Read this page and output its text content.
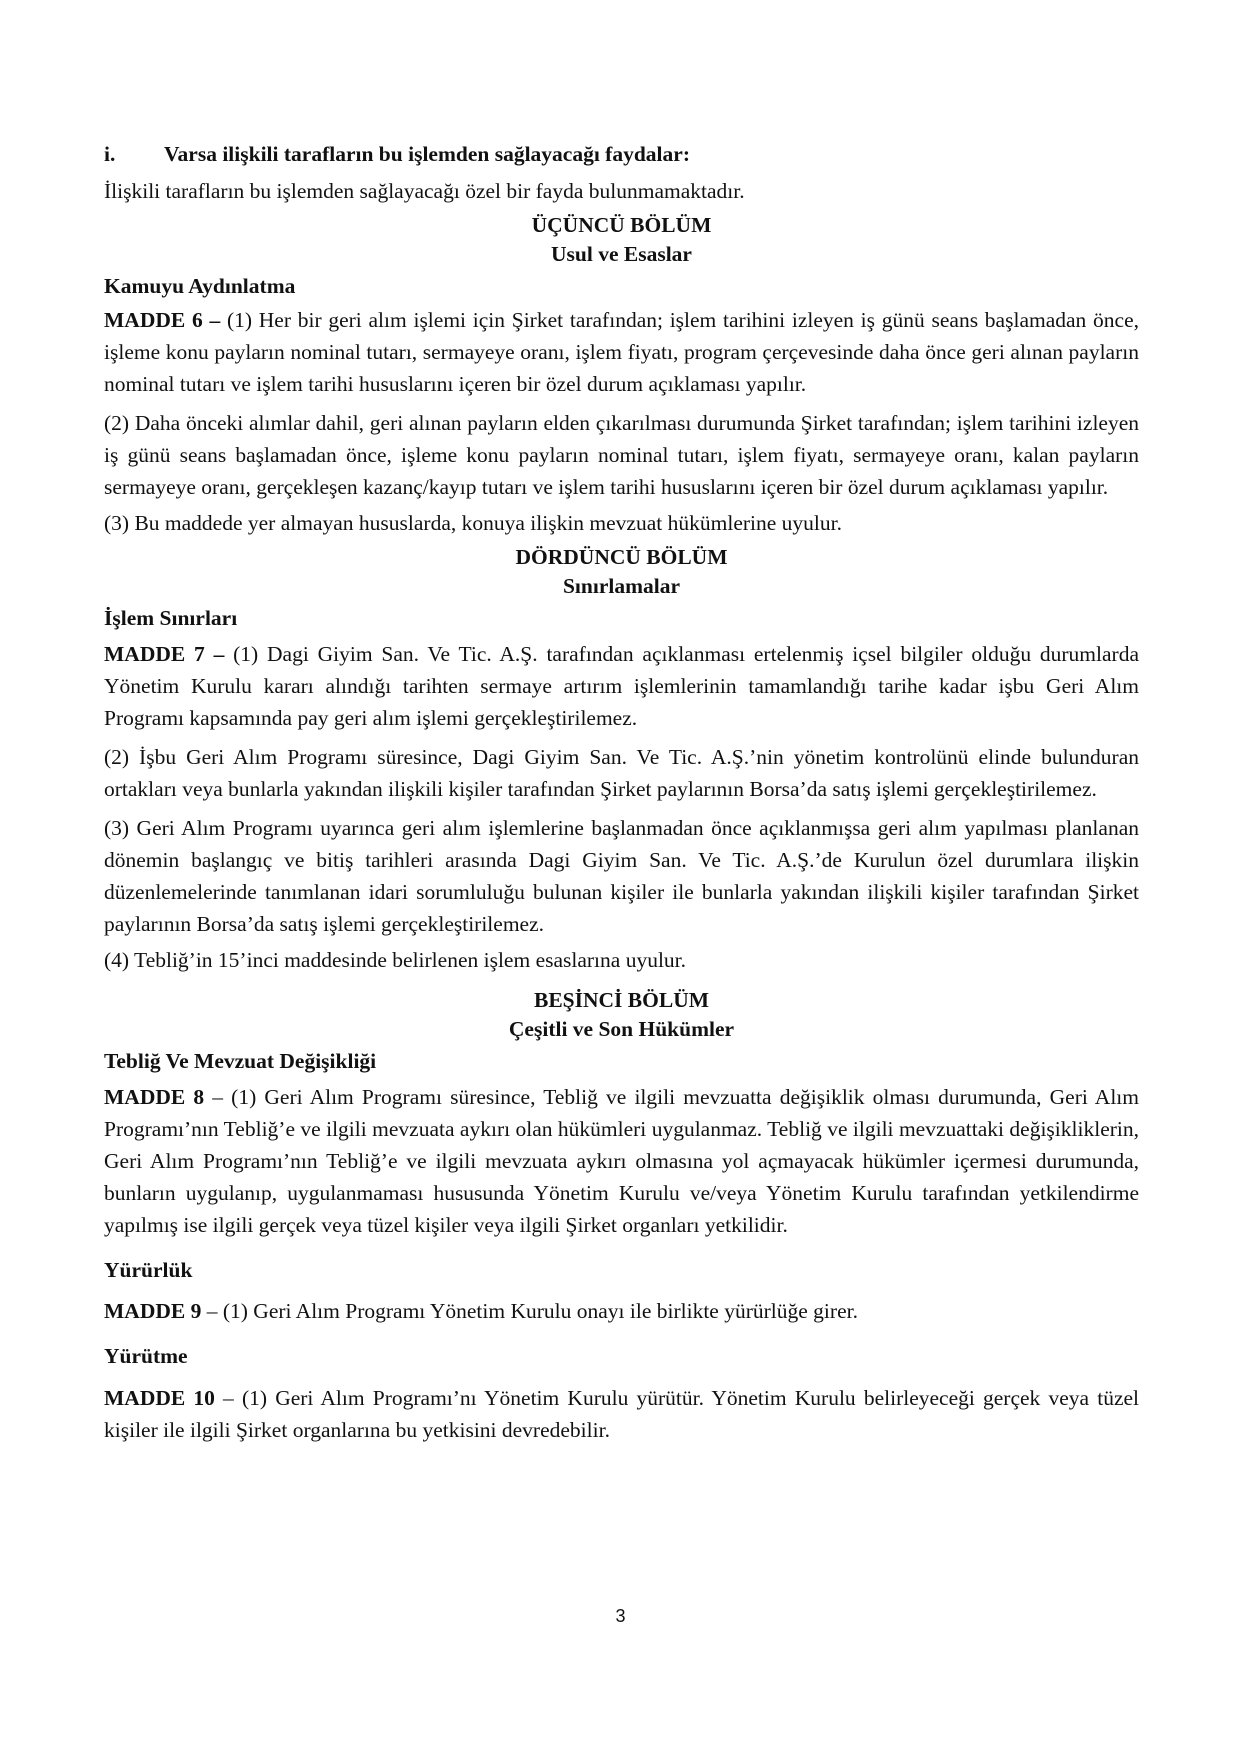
i. Varsa ilişkili tarafların bu işlemden sağlayacağı faydalar:

İlişkili tarafların bu işlemden sağlayacağı özel bir fayda bulunmamaktadır.

ÜÇÜNCÜ BÖLÜM
Usul ve Esaslar
Kamuyu Aydınlatma

MADDE 6 – (1) Her bir geri alım işlemi için Şirket tarafından; işlem tarihini izleyen iş günü seans başlamadan önce, işleme konu payların nominal tutarı, sermayeye oranı, işlem fiyatı, program çerçevesinde daha önce geri alınan payların nominal tutarı ve işlem tarihi hususlarını içeren bir özel durum açıklaması yapılır.

(2) Daha önceki alımlar dahil, geri alınan payların elden çıkarılması durumunda Şirket tarafından; işlem tarihini izleyen iş günü seans başlamadan önce, işleme konu payların nominal tutarı, işlem fiyatı, sermayeye oranı, kalan payların sermayeye oranı, gerçekleşen kazanç/kayıp tutarı ve işlem tarihi hususlarını içeren bir özel durum açıklaması yapılır.

(3) Bu maddede yer almayan hususlarda, konuya ilişkin mevzuat hükümlerine uyulur.

DÖRDÜNCÜ BÖLÜM
Sınırlamalar
İşlem Sınırları

MADDE 7 – (1) Dagi Giyim San. Ve Tic. A.Ş. tarafından açıklanması ertelenmiş içsel bilgiler olduğu durumlarda Yönetim Kurulu kararı alındığı tarihten sermaye artırım işlemlerinin tamamlandığı tarihe kadar işbu Geri Alım Programı kapsamında pay geri alım işlemi gerçekleştirilemez.

(2) İşbu Geri Alım Programı süresince, Dagi Giyim San. Ve Tic. A.Ş.’nin yönetim kontrolünü elinde bulunduran ortakları veya bunlarla yakından ilişkili kişiler tarafından Şirket paylarının Borsa’da satış işlemi gerçekleştirilemez.

(3) Geri Alım Programı uyarınca geri alım işlemlerine başlanmadan önce açıklanmışsa geri alım yapılması planlanan dönemin başlangıç ve bitiş tarihleri arasında Dagi Giyim San. Ve Tic. A.Ş.’de Kurulun özel durumlara ilişkin düzenlemelerinde tanımlanan idari sorumluluğu bulunan kişiler ile bunlarla yakından ilişkili kişiler tarafından Şirket paylarının Borsa’da satış işlemi gerçekleştirilemez.

(4) Tebliğ’in 15’inci maddesinde belirlenen işlem esaslarına uyulur.

BEŞİNCİ BÖLÜM
Çeşitli ve Son Hükümler
Tebliğ Ve Mevzuat Değişikliği

MADDE 8 – (1) Geri Alım Programı süresince, Tebliğ ve ilgili mevzuatta değişiklik olması durumunda, Geri Alım Programı’nın Tebliğ’e ve ilgili mevzuata aykırı olan hükümleri uygulanmaz. Tebliğ ve ilgili mevzuattaki değişikliklerin, Geri Alım Programı’nın Tebliğ’e ve ilgili mevzuata aykırı olmasına yol açmayacak hükümler içermesi durumunda, bunların uygulanıp, uygulanmaması hususunda Yönetim Kurulu ve/veya Yönetim Kurulu tarafından yetkilendirme yapılmış ise ilgili gerçek veya tüzel kişiler veya ilgili Şirket organları yetkilidir.

Yürürlük

MADDE 9 – (1) Geri Alım Programı Yönetim Kurulu onayı ile birlikte yürürlüğe girer.

Yürütme

MADDE 10 – (1) Geri Alım Programı’nı Yönetim Kurulu yürütür. Yönetim Kurulu belirleyeceği gerçek veya tüzel kişiler ile ilgili Şirket organlarına bu yetkisini devredebilir.

3
